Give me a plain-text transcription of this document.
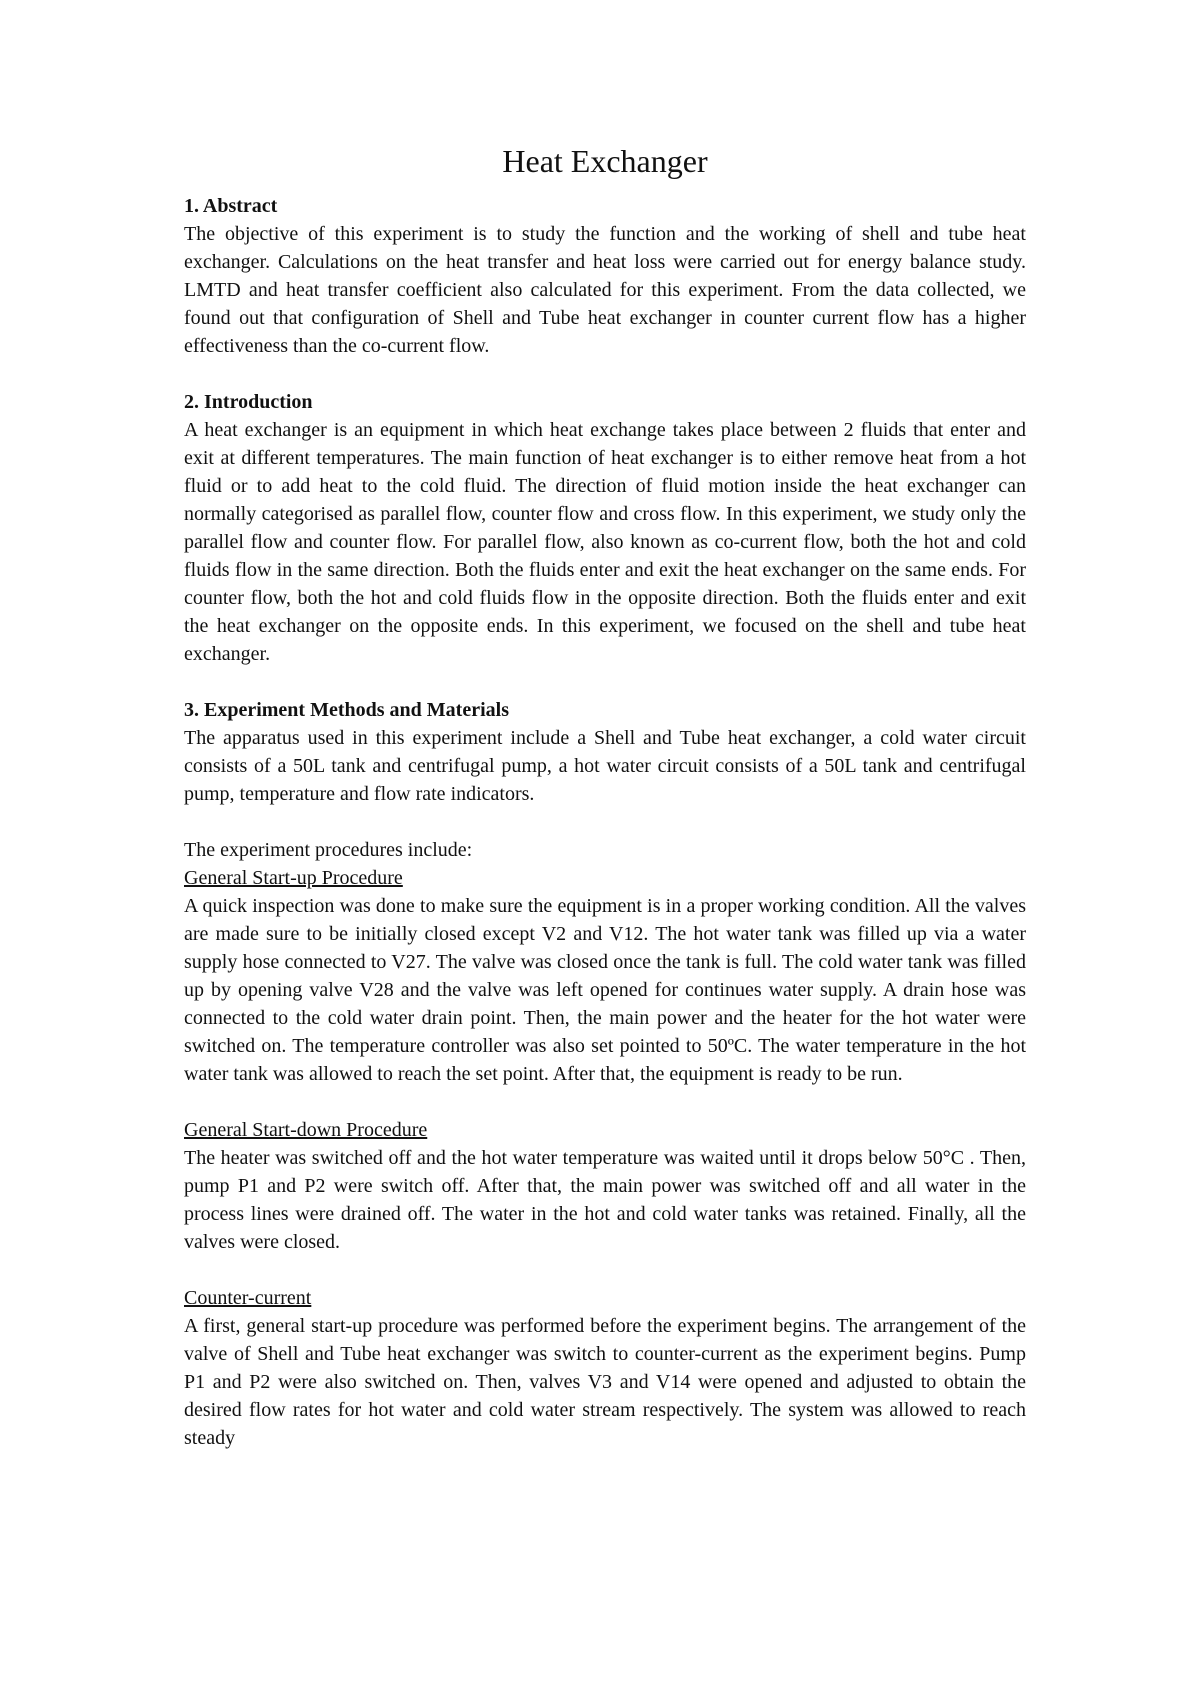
Heat Exchanger

1. Abstract

The objective of this experiment is to study the function and the working of shell and tube heat exchanger. Calculations on the heat transfer and heat loss were carried out for energy balance study. LMTD and heat transfer coefficient also calculated for this experiment. From the data collected, we found out that configuration of Shell and Tube heat exchanger in counter current flow has a higher effectiveness than the co-current flow.

2. Introduction

A heat exchanger is an equipment in which heat exchange takes place between 2 fluids that enter and exit at different temperatures. The main function of heat exchanger is to either remove heat from a hot fluid or to add heat to the cold fluid. The direction of fluid motion inside the heat exchanger can normally categorised as parallel flow, counter flow and cross flow. In this experiment, we study only the parallel flow and counter flow. For parallel flow, also known as co-current flow, both the hot and cold fluids flow in the same direction. Both the fluids enter and exit the heat exchanger on the same ends. For counter flow, both the hot and cold fluids flow in the opposite direction. Both the fluids enter and exit the heat exchanger on the opposite ends. In this experiment, we focused on the shell and tube heat exchanger.

3. Experiment Methods and Materials

The apparatus used in this experiment include a Shell and Tube heat exchanger, a cold water circuit consists of a 50L tank and centrifugal pump, a hot water circuit consists of a 50L tank and centrifugal pump, temperature and flow rate indicators.

The experiment procedures include:

General Start-up Procedure

A quick inspection was done to make sure the equipment is in a proper working condition. All the valves are made sure to be initially closed except V2 and V12. The hot water tank was filled up via a water supply hose connected to V27. The valve was closed once the tank is full. The cold water tank was filled up by opening valve V28 and the valve was left opened for continues water supply. A drain hose was connected to the cold water drain point. Then, the main power and the heater for the hot water were switched on. The temperature controller was also set pointed to 50ºC. The water temperature in the hot water tank was allowed to reach the set point. After that, the equipment is ready to be run.

General Start-down Procedure

The heater was switched off and the hot water temperature was waited until it drops below 50°C . Then, pump P1 and P2 were switch off. After that, the main power was switched off and all water in the process lines were drained off. The water in the hot and cold water tanks was retained. Finally, all the valves were closed.

Counter-current

A first, general start-up procedure was performed before the experiment begins. The arrangement of the valve of Shell and Tube heat exchanger was switch to counter-current as the experiment begins. Pump P1 and P2 were also switched on. Then, valves V3 and V14 were opened and adjusted to obtain the desired flow rates for hot water and cold water stream respectively. The system was allowed to reach steady
